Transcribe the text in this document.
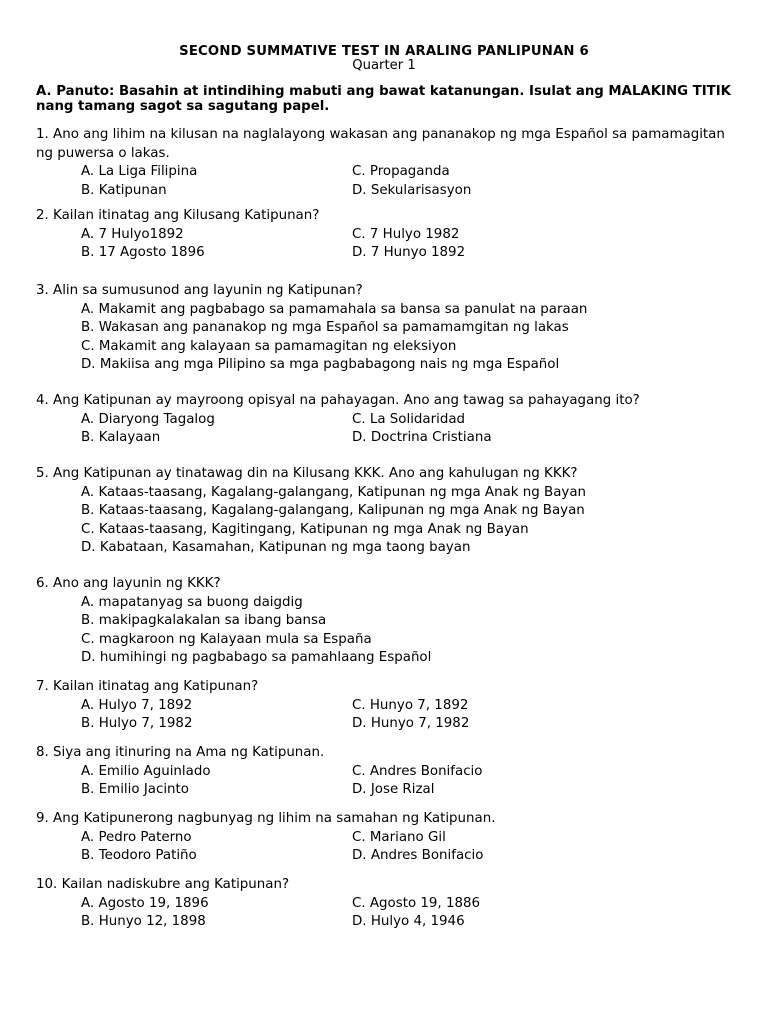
SECOND SUMMATIVE TEST IN ARALING PANLIPUNAN 6
Quarter 1
A. Panuto: Basahin at intindihing mabuti ang bawat katanungan. Isulat ang MALAKING TITIK nang tamang sagot sa sagutang papel.
1. Ano ang lihim na kilusan na naglalayong wakasan ang pananakop ng mga Español sa pamamagitan ng puwersa o lakas.
A. La Liga Filipina	C. Propaganda
B. Katipunan	D. Sekularisasyon
2. Kailan itinatag ang Kilusang Katipunan?
A. 7 Hulyo1892	C. 7 Hulyo 1982
B. 17 Agosto 1896	D. 7 Hunyo 1892
3. Alin sa sumusunod ang layunin ng Katipunan?
A. Makamit ang pagbabago sa pamamahala sa bansa sa panulat na paraan
B. Wakasan ang pananakop ng mga Español sa pamamamgitan ng lakas
C. Makamit ang kalayaan sa pamamagitan ng eleksiyon
D. Makiisa ang mga Pilipino sa mga pagbabagong nais ng mga Español
4. Ang Katipunan ay mayroong opisyal na pahayagan. Ano ang tawag sa pahayagang ito?
A. Diaryong Tagalog	C. La Solidaridad
B. Kalayaan	D. Doctrina Cristiana
5. Ang Katipunan ay tinatawag din na Kilusang KKK. Ano ang kahulugan ng KKK?
A. Kataas-taasang, Kagalang-galangang, Katipunan ng mga Anak ng Bayan
B. Kataas-taasang, Kagalang-galangang, Kalipunan ng mga Anak ng Bayan
C. Kataas-taasang, Kagitingang, Katipunan ng mga Anak ng Bayan
D. Kabataan, Kasamahan, Katipunan ng mga taong bayan
6. Ano ang layunin ng KKK?
A. mapatanyag sa buong daigdig
B. makipagkalakalan sa ibang bansa
C. magkaroon ng Kalayaan mula sa España
D. humihingi ng pagbabago sa pamahlaang Español
7. Kailan itinatag ang Katipunan?
A. Hulyo 7, 1892	C. Hunyo 7, 1892
B. Hulyo 7, 1982	D. Hunyo 7, 1982
8. Siya ang itinuring na Ama ng Katipunan.
A. Emilio Aguinlado	C. Andres Bonifacio
B. Emilio Jacinto	D. Jose Rizal
9. Ang Katipunerong nagbunyag ng lihim na samahan ng Katipunan.
A. Pedro Paterno	C. Mariano Gil
B. Teodoro Patiño	D. Andres Bonifacio
10. Kailan nadiskubre ang Katipunan?
A. Agosto 19, 1896	C. Agosto 19, 1886
B. Hunyo 12, 1898	D. Hulyo 4, 1946
